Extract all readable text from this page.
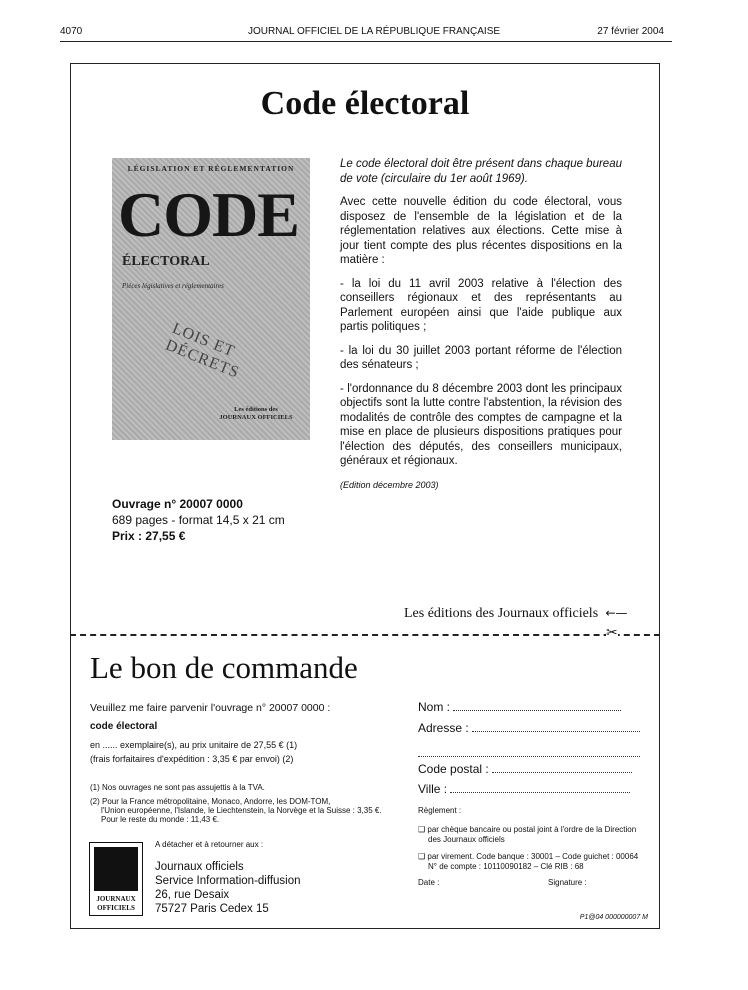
4070	JOURNAL OFFICIEL DE LA RÉPUBLIQUE FRANÇAISE	27 février 2004
Code électoral
LÉGISLATION ET RÉGLEMENTATION
CODE
ÉLECTORAL
Pièces législatives et réglementaires
LOIS ET DÉCRETS
Les éditions des JOURNAUX OFFICIELS

Le code électoral doit être présent dans chaque bureau de vote (circulaire du 1er août 1969).

Avec cette nouvelle édition du code électoral, vous disposez de l'ensemble de la législation et de la réglementation relatives aux élections. Cette mise à jour tient compte des plus récentes dispositions en la matière :

- la loi du 11 avril 2003 relative à l'élection des conseillers régionaux et des représentants au Parlement européen ainsi que l'aide publique aux partis politiques ;

- la loi du 30 juillet 2003 portant réforme de l'élection des sénateurs ;

- l'ordonnance du 8 décembre 2003 dont les principaux objectifs sont la lutte contre l'abstention, la révision des modalités de contrôle des comptes de campagne et la mise en place de plusieurs dispositions pratiques pour l'élection des députés, des conseillers municipaux, généraux et régionaux.

(Edition décembre 2003)

Ouvrage n° 20007 0000
689 pages - format 14,5 x 21 cm
Prix : 27,55 €
Les éditions des Journaux officiels  ←—
✂
Le bon de commande
Veuillez me faire parvenir l'ouvrage n° 20007 0000 :
code électoral
en ...... exemplaire(s), au prix unitaire de 27,55 € (1)
(frais forfaitaires d'expédition : 3,35 € par envoi) (2)
(1) Nos ouvrages ne sont pas assujettis à la TVA.
(2) Pour la France métropolitaine, Monaco, Andorre, les DOM-TOM,
l'Union européenne, l'Islande, le Liechtenstein, la Norvège et la Suisse : 3,35 €.
Pour le reste du monde : 11,43 €.
A détacher et à retourner aux :
JOURNAUX
OFFICIELS
Journaux officiels
Service Information-diffusion
26, rue Desaix
75727 Paris Cedex 15
Nom :
Adresse :
Code postal :
Ville :
Règlement :
❑ par chèque bancaire ou postal joint à l'ordre de la Direction
des Journaux officiels
❑ par virement. Code banque : 30001 – Code guichet : 00064
N° de compte : 10110090182 – Clé RIB : 68
Date :	Signature :
P1@04 000000007 M
